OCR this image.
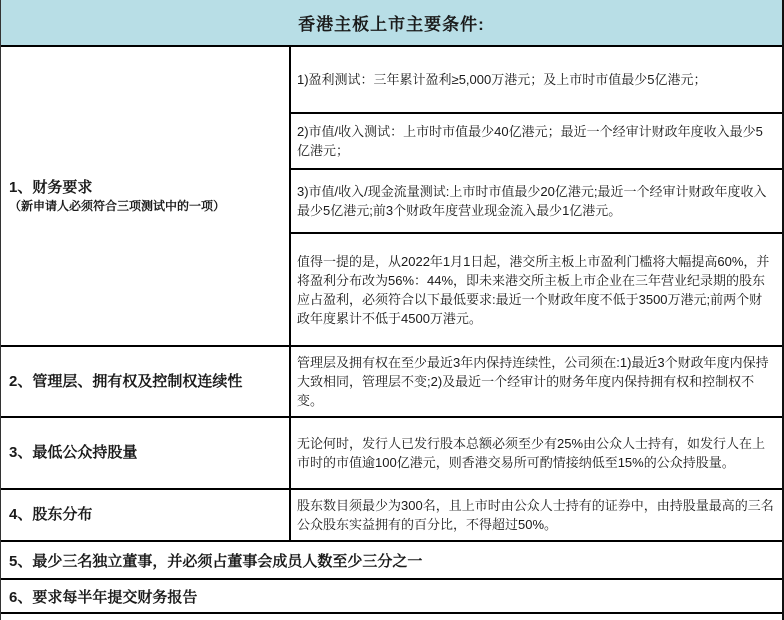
香港主板上市主要条件:
1、财务要求
（新申请人必须符合三项测试中的一项）
1)盈利测试：三年累计盈利≥5,000万港元；及上市时市值最少5亿港元；
2)市值/收入测试：上市时市值最少40亿港元；最近一个经审计财政年度收入最少5亿港元；
3)市值/收入/现金流量测试:上市时市值最少20亿港元;最近一个经审计财政年度收入最少5亿港元;前3个财政年度营业现金流入最少1亿港元。
值得一提的是，从2022年1月1日起，港交所主板上市盈利门槛将大幅提高60%，并将盈利分布改为56%：44%，即未来港交所主板上市企业在三年营业纪录期的股东应占盈利，必须符合以下最低要求:最近一个财政年度不低于3500万港元;前两个财政年度累计不低于4500万港元。
2、管理层、拥有权及控制权连续性
管理层及拥有权在至少最近3年内保持连续性，公司须在:1)最近3个财政年度内保持大致相同，管理层不变;2)及最近一个经审计的财务年度内保持拥有权和控制权不变。
3、最低公众持股量
无论何时，发行人已发行股本总额必须至少有25%由公众人士持有，如发行人在上市时的市值逾100亿港元，则香港交易所可酌情接纳低至15%的公众持股量。
4、股东分布
股东数目须最少为300名，且上市时由公众人士持有的证券中，由持股量最高的三名公众股东实益拥有的百分比，不得超过50%。
5、最少三名独立董事，并必须占董事会成员人数至少三分之一
6、要求每半年提交财务报告
